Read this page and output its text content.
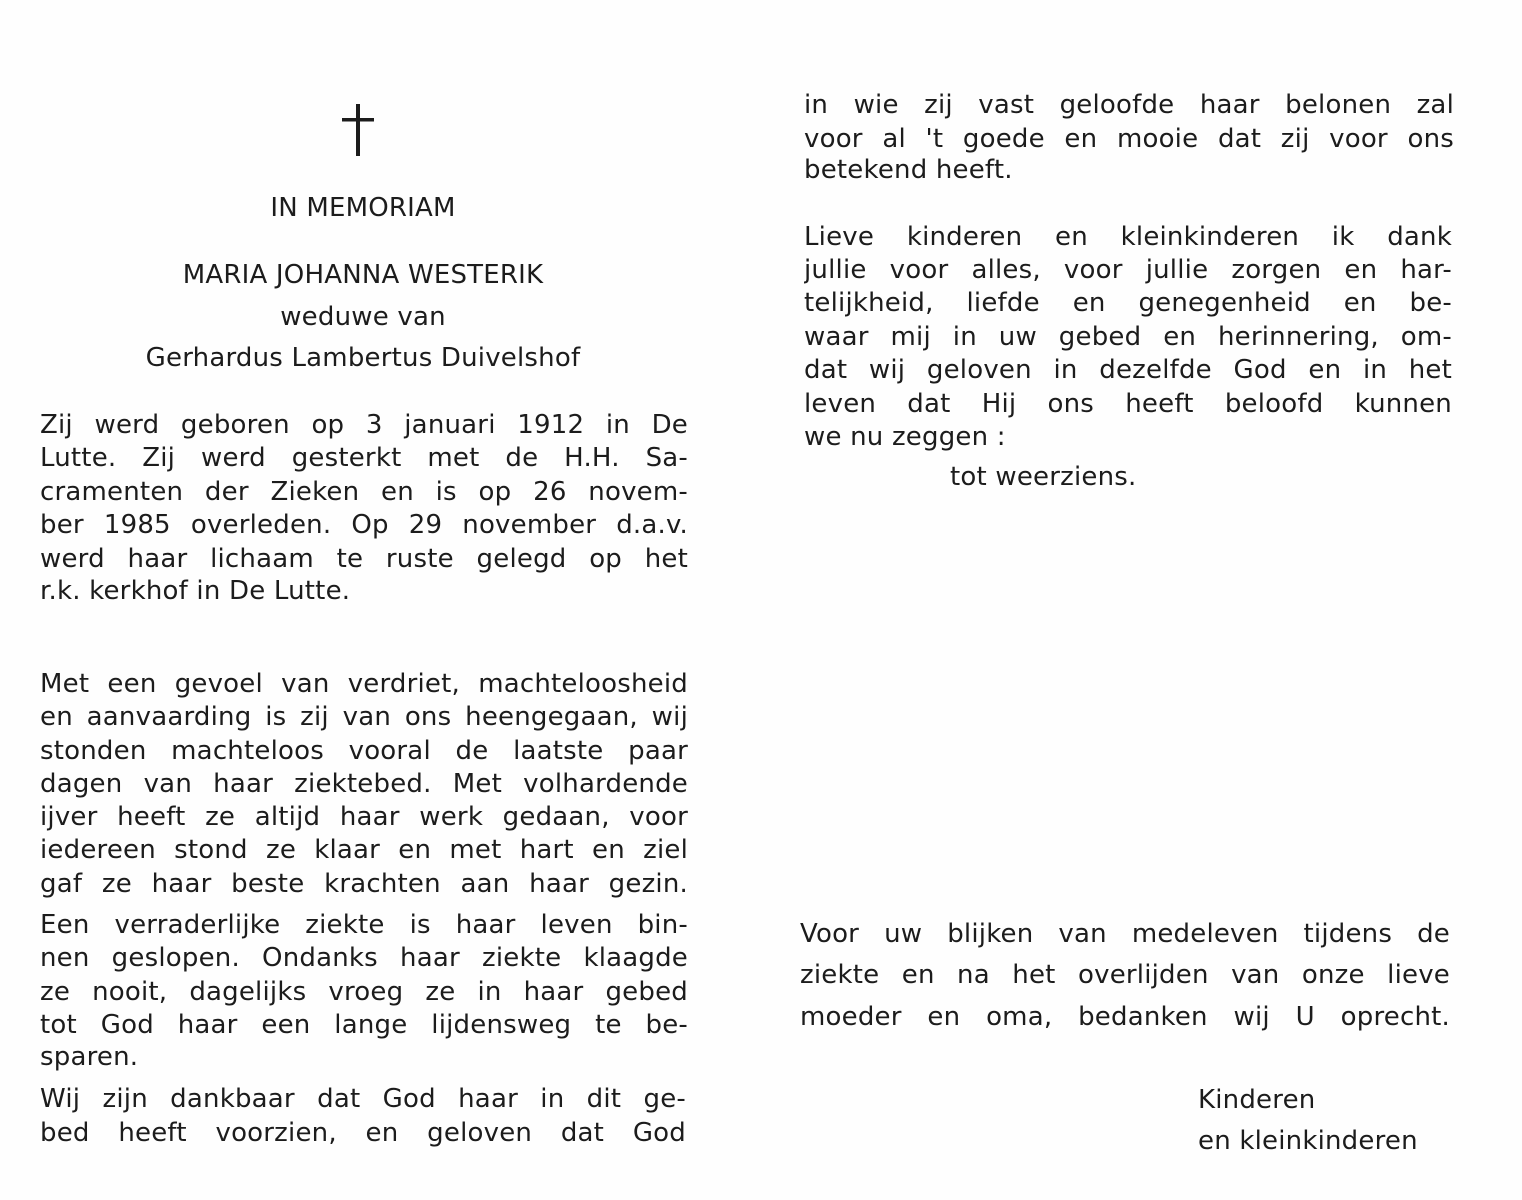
IN MEMORIAM
MARIA JOHANNA WESTERIK
weduwe van
Gerhardus Lambertus Duivelshof
Zij werd geboren op 3 januari 1912 in De
Lutte. Zij werd gesterkt met de H.H. Sa-
cramenten der Zieken en is op 26 novem-
ber 1985 overleden. Op 29 november d.a.v.
werd haar lichaam te ruste gelegd op het
r.k. kerkhof in De Lutte.
Met een gevoel van verdriet, machteloosheid
en aanvaarding is zij van ons heengegaan, wij
stonden machteloos vooral de laatste paar
dagen van haar ziektebed. Met volhardende
ijver heeft ze altijd haar werk gedaan, voor
iedereen stond ze klaar en met hart en ziel
gaf ze haar beste krachten aan haar gezin.
Een verraderlijke ziekte is haar leven bin-
nen geslopen. Ondanks haar ziekte klaagde
ze nooit, dagelijks vroeg ze in haar gebed
tot God haar een lange lijdensweg te be-
sparen.
Wij zijn dankbaar dat God haar in dit ge-
bed heeft voorzien, en geloven dat God
in wie zij vast geloofde haar belonen zal
voor al 't goede en mooie dat zij voor ons
betekend heeft.
Lieve kinderen en kleinkinderen ik dank
jullie voor alles, voor jullie zorgen en har-
telijkheid, liefde en genegenheid en be-
waar mij in uw gebed en herinnering, om-
dat wij geloven in dezelfde God en in het
leven dat Hij ons heeft beloofd kunnen
we nu zeggen :
Voor uw blijken van medeleven tijdens de
ziekte en na het overlijden van onze lieve
moeder en oma, bedanken wij U oprecht.
Kinderen
en kleinkinderen
tot weerziens.
